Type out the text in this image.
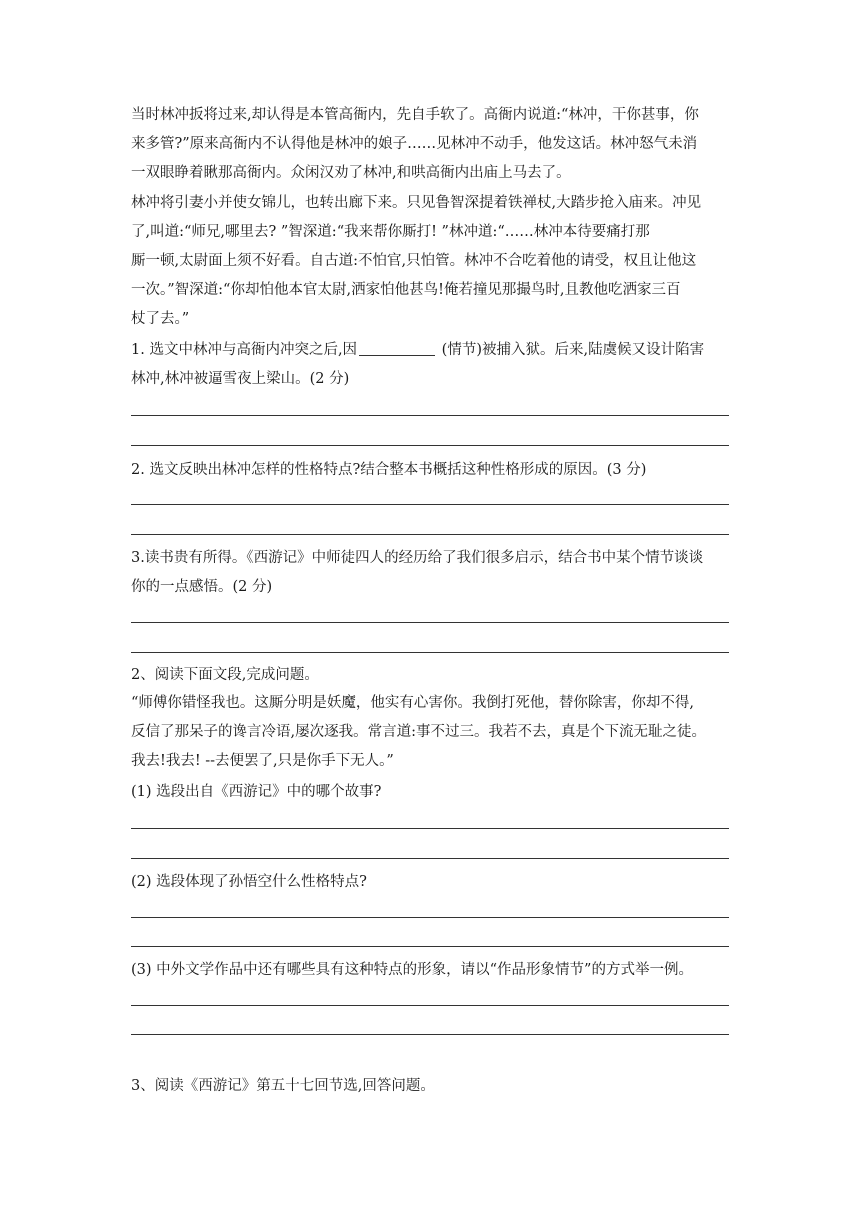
当时林冲扳将过来,却认得是本管高衙内，先自手软了。高衙内说道:“林冲，干你甚事，你
来多管?”原来高衙内不认得他是林冲的娘子……见林冲不动手，他发这话。林冲怒气未消
一双眼睁着瞅那高衙内。众闲汉劝了林冲,和哄高衙内出庙上马去了。
林冲将引妻小并使女锦儿，也转出廊下来。只见鲁智深提着铁禅杖,大踏步抢入庙来。冲见
了,叫道:“师兄,哪里去? ”智深道:“我来帮你厮打! ”林冲道:“……林冲本待要痛打那
厮一顿,太尉面上须不好看。自古道:不怕官,只怕管。林冲不合吃着他的请受，权且让他这
一次。”智深道:“你却怕他本官太尉,洒家怕他甚鸟!俺若撞见那撮鸟时,且教他吃洒家三百
杖了去。”
1. 选文中林冲与高衙内冲突之后,因	(情节)被捕入狱。后来,陆虞候又设计陷害
林冲,林冲被逼雪夜上梁山。(2 分)
2. 选文反映出林冲怎样的性格特点?结合整本书概括这种性格形成的原因。(3 分)
3.读书贵有所得。《西游记》中师徒四人的经历给了我们很多启示，结合书中某个情节谈谈
你的一点感悟。(2 分)
2、阅读下面文段,完成问题。
“师傅你错怪我也。这厮分明是妖魔，他实有心害你。我倒打死他，替你除害，你却不得,
反信了那呆子的谗言冷语,屡次逐我。常言道:事不过三。我若不去，真是个下流无耻之徒。
我去!我去! --去便罢了,只是你手下无人。”
(1) 选段出自《西游记》中的哪个故事?
(2) 选段体现了孙悟空什么性格特点?
(3) 中外文学作品中还有哪些具有这种特点的形象，请以“作品形象情节”的方式举一例。
3、阅读《西游记》第五十七回节选,回答问题。
